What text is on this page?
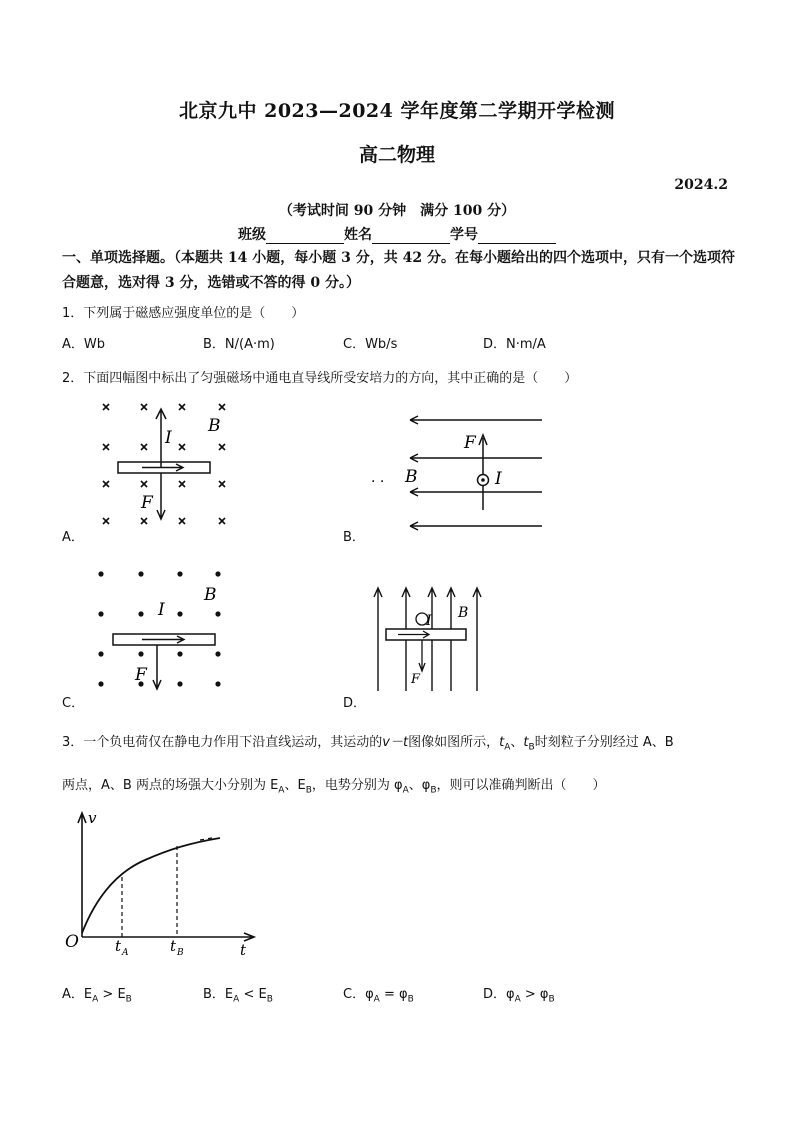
北京九中 2023—2024 学年度第二学期开学检测
高二物理
2024.2
（考试时间 90 分钟　满分 100 分）
班级	姓名	学号
一、单项选择题。（本题共 14 小题，每小题 3 分，共 42 分。在每小题给出的四个选项中，只有一个选项符合题意，选对得 3 分，选错或不答的得 0 分。）
1．下列属于磁感应强度单位的是（　　）
A．Wb	B．N/(A·m)	C．Wb/s	D．N·m/A
2．下面四幅图中标出了匀强磁场中通电直导线所受安培力的方向，其中正确的是（　　）
I
B
F
A．
F
B	I
. .
B．
I
B
F
C．
I B
F
D．
3．一个负电荷仅在静电力作用下沿直线运动，其运动的v－t图像如图所示，$t_A$、$t_B$时刻粒子分别经过 A、B
两点，A、B 两点的场强大小分别为 $E_A$、$E_B$，电势分别为 $\varphi_A$、$\varphi_B$，则可以准确判断出（　　）
v
t
O t A	t B
A．$E_A > E_B$	B．$E_A < E_B$	C．$\varphi_A = \varphi_B$	D．$\varphi_A > \varphi_B$
